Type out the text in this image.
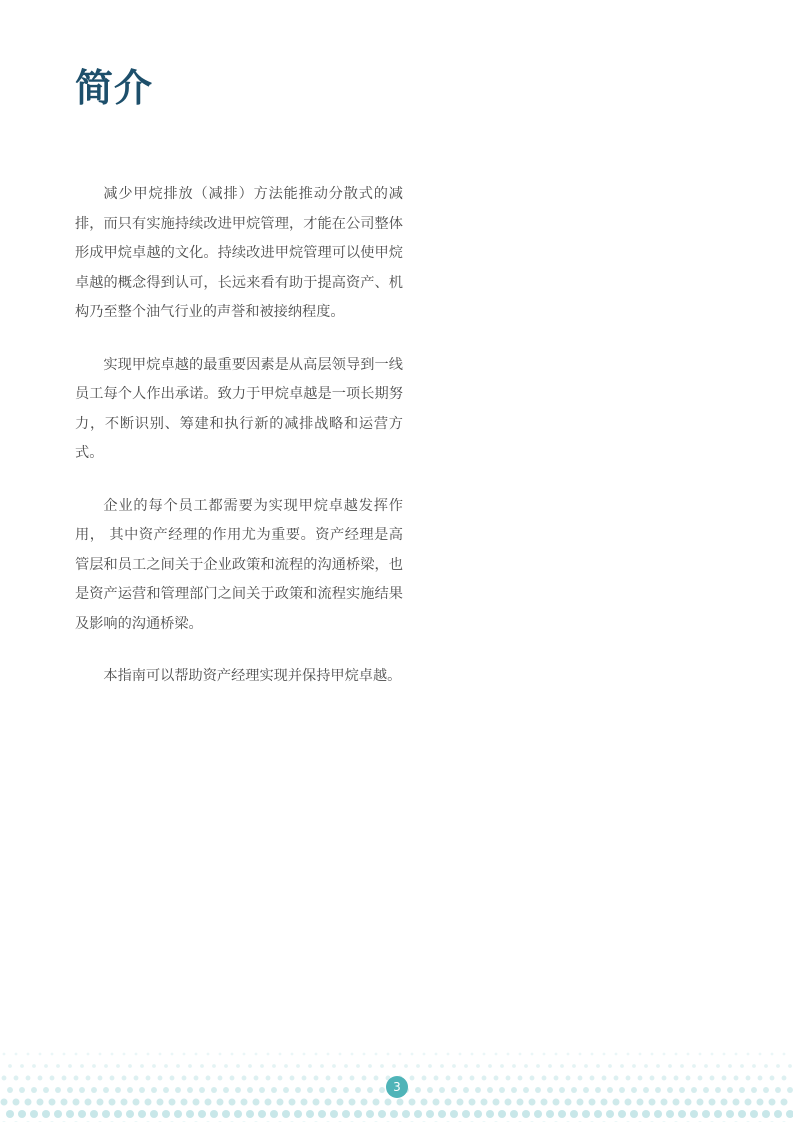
简介

减少甲烷排放（减排）方法能推动分散式的减排，而只有实施持续改进甲烷管理，才能在公司整体形成甲烷卓越的文化。持续改进甲烷管理可以使甲烷卓越的概念得到认可，长远来看有助于提高资产、机构乃至整个油气行业的声誉和被接纳程度。

实现甲烷卓越的最重要因素是从高层领导到一线员工每个人作出承诺。致力于甲烷卓越是一项长期努力，不断识别、筹建和执行新的减排战略和运营方式。

企业的每个员工都需要为实现甲烷卓越发挥作用， 其中资产经理的作用尤为重要。资产经理是高管层和员工之间关于企业政策和流程的沟通桥梁，也是资产运营和管理部门之间关于政策和流程实施结果及影响的沟通桥梁。

本指南可以帮助资产经理实现并保持甲烷卓越。

3
